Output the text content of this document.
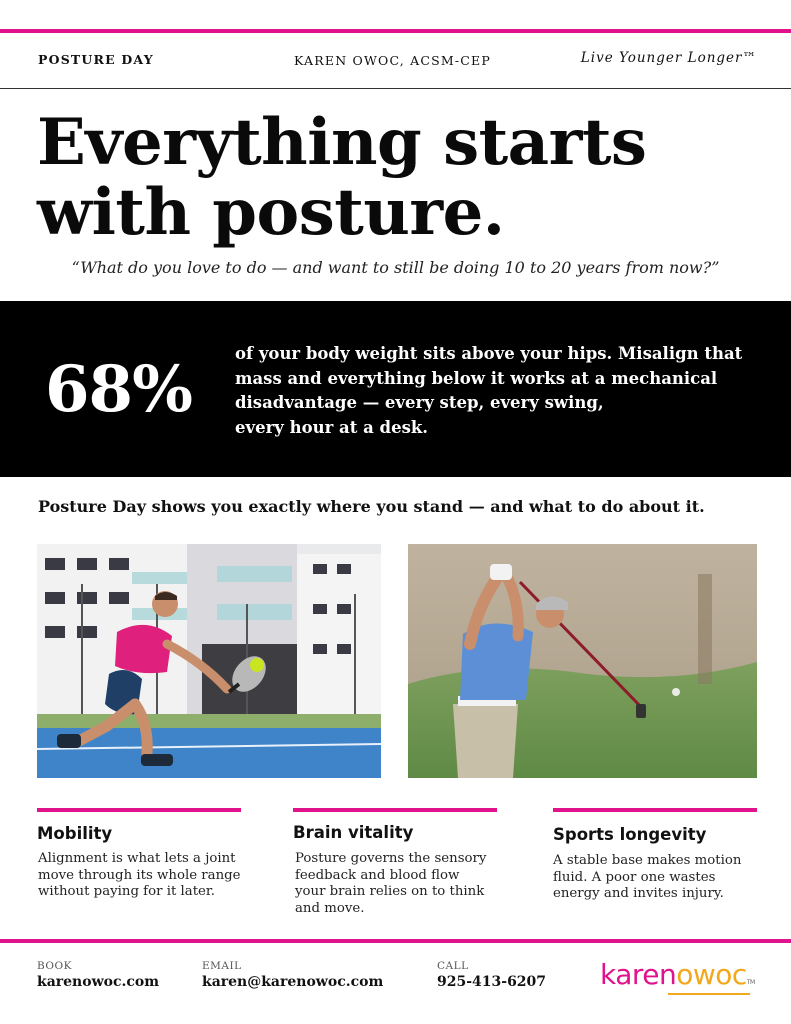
POSTURE DAY	KAREN OWOC, ACSM-CEP	Live Younger Longer™
Everything starts
with posture.
“What do you love to do — and want to still be doing 10 to 20 years from now?”
68%	of your body weight sits above your hips. Misalign that
mass and everything below it works at a mechanical
disadvantage — every step, every swing,
every hour at a desk.
Posture Day shows you exactly where you stand — and what to do about it.
Mobility
Alignment is what lets a joint
move through its whole range
without paying for it later.
Brain vitality
Posture governs the sensory
feedback and blood flow
your brain relies on to think
and move.
Sports longevity
A stable base makes motion
fluid. A poor one wastes
energy and invites injury.
BOOK
karenowoc.com
EMAIL
karen@karenowoc.com
CALL
925-413-6207 karenowocTM
